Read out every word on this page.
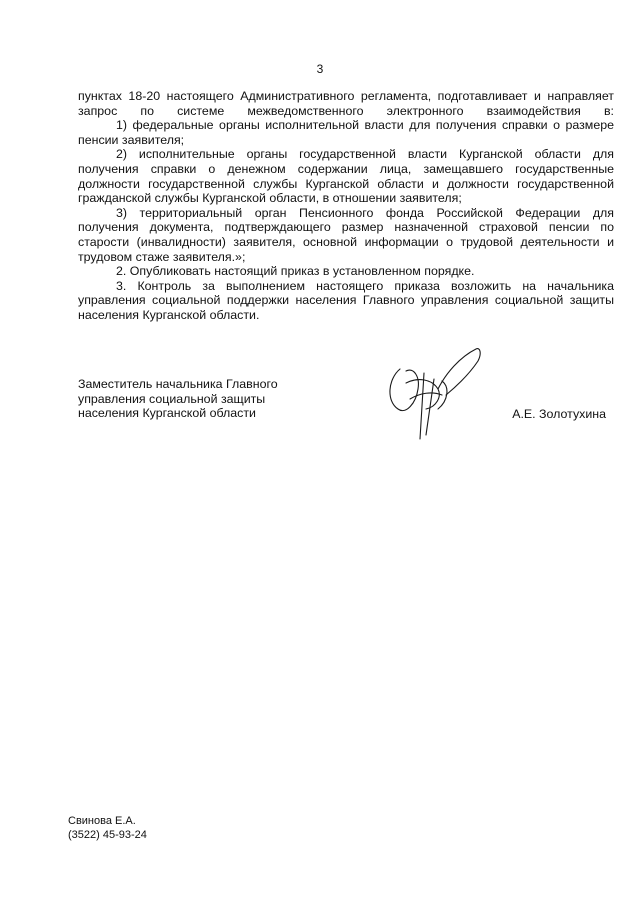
3

пунктах 18-20 настоящего Административного регламента, подготавливает и направляет запрос по системе межведомственного электронного взаимодействия в:

1) федеральные органы исполнительной власти для получения справки о размере пенсии заявителя;

2) исполнительные органы государственной власти Курганской области для получения справки о денежном содержании лица, замещавшего государственные должности государственной службы Курганской области и должности государственной гражданской службы Курганской области, в отношении заявителя;

3) территориальный орган Пенсионного фонда Российской Федерации для получения документа, подтверждающего размер назначенной страховой пенсии по старости (инвалидности) заявителя, основной информации о трудовой деятельности и трудовом стаже заявителя.»;

2. Опубликовать настоящий приказ в установленном порядке.

3. Контроль за выполнением настоящего приказа возложить на начальника управления социальной поддержки населения Главного управления социальной защиты населения Курганской области.

Заместитель начальника Главного
управления социальной защиты
населения Курганской области	А.Е. Золотухина
Свинова Е.А.
(3522) 45-93-24
